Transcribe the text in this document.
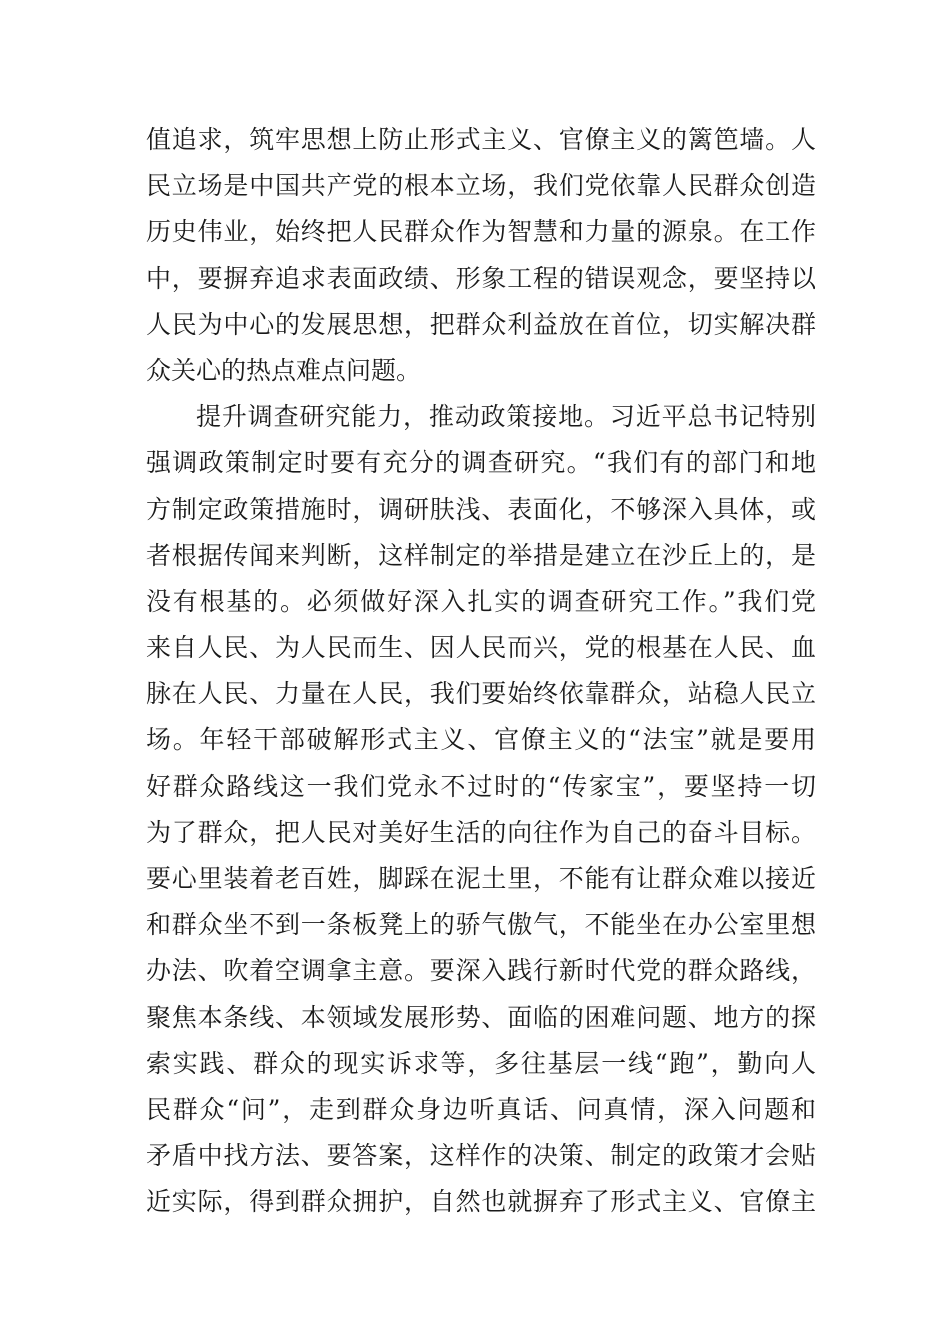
值追求，筑牢思想上防止形式主义、官僚主义的篱笆墙。人
民立场是中国共产党的根本立场，我们党依靠人民群众创造
历史伟业，始终把人民群众作为智慧和力量的源泉。在工作
中，要摒弃追求表面政绩、形象工程的错误观念，要坚持以
人民为中心的发展思想，把群众利益放在首位，切实解决群
众关心的热点难点问题。
提升调查研究能力，推动政策接地。习近平总书记特别
强调政策制定时要有充分的调查研究。“我们有的部门和地
方制定政策措施时，调研肤浅、表面化，不够深入具体，或
者根据传闻来判断，这样制定的举措是建立在沙丘上的，是
没有根基的。必须做好深入扎实的调查研究工作。”我们党
来自人民、为人民而生、因人民而兴，党的根基在人民、血
脉在人民、力量在人民，我们要始终依靠群众，站稳人民立
场。年轻干部破解形式主义、官僚主义的“法宝”就是要用
好群众路线这一我们党永不过时的“传家宝”，要坚持一切
为了群众，把人民对美好生活的向往作为自己的奋斗目标。
要心里装着老百姓，脚踩在泥土里，不能有让群众难以接近
和群众坐不到一条板凳上的骄气傲气，不能坐在办公室里想
办法、吹着空调拿主意。要深入践行新时代党的群众路线，
聚焦本条线、本领域发展形势、面临的困难问题、地方的探
索实践、群众的现实诉求等，多往基层一线“跑”，勤向人
民群众“问”，走到群众身边听真话、问真情，深入问题和
矛盾中找方法、要答案，这样作的决策、制定的政策才会贴
近实际，得到群众拥护，自然也就摒弃了形式主义、官僚主
